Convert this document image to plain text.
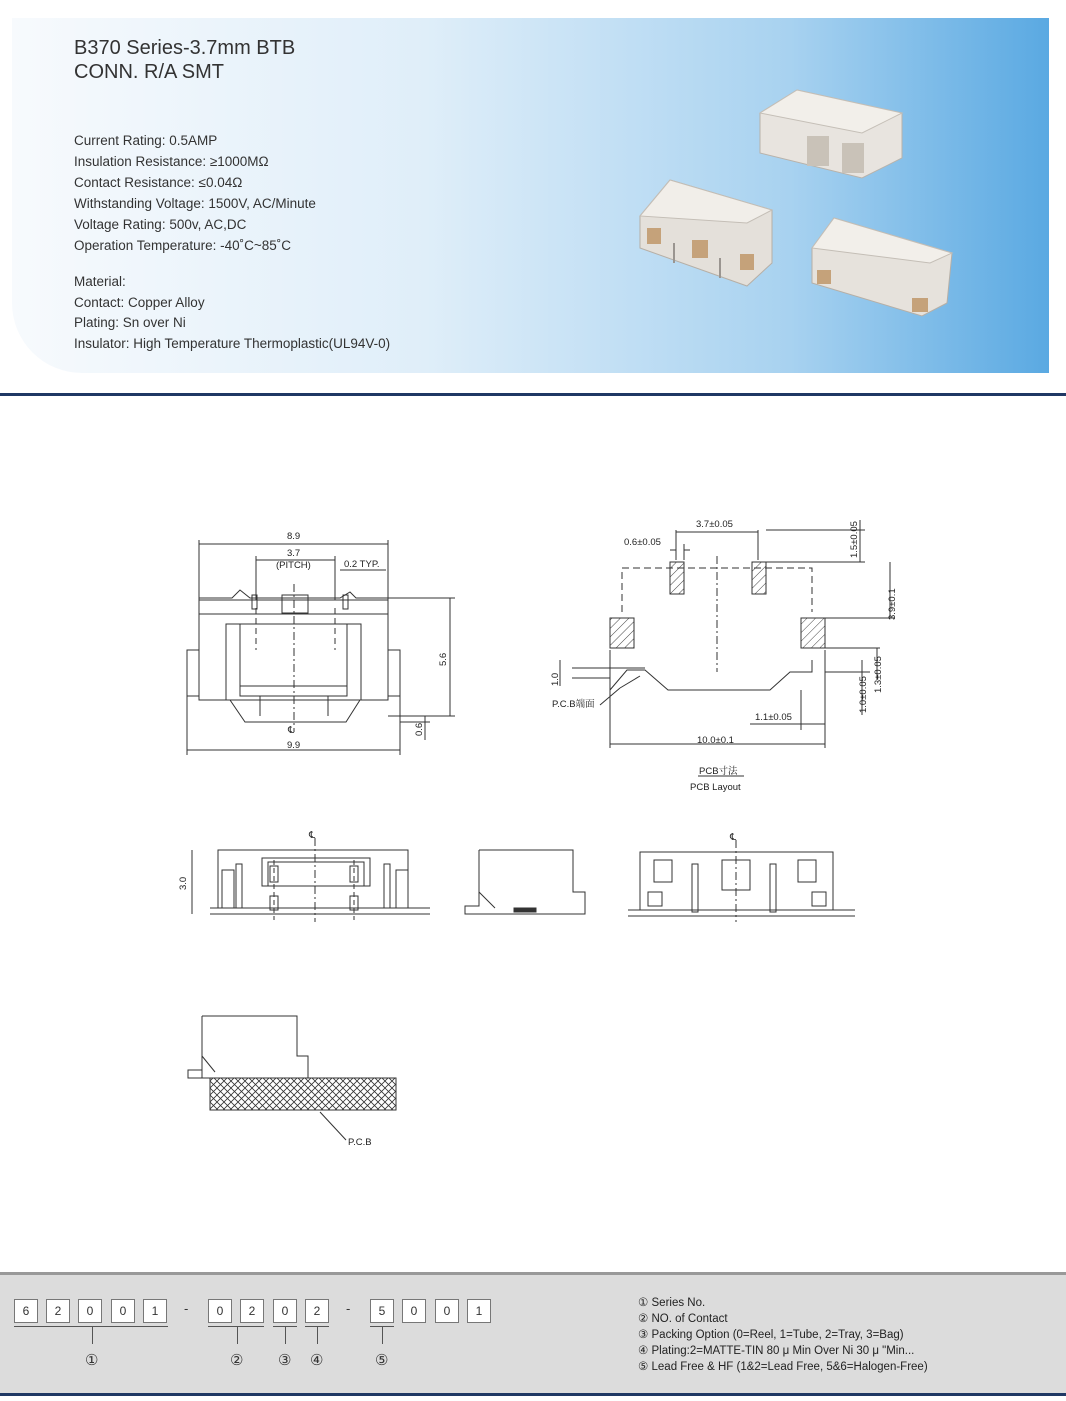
B370 Series-3.7mm BTB
CONN. R/A SMT
Current Rating: 0.5AMP
Insulation Resistance: ≥1000MΩ
Contact Resistance: ≤0.04Ω
Withstanding Voltage: 1500V, AC/Minute
Voltage Rating: 500v, AC,DC
Operation Temperature: -40˚C~85˚C
Material:
Contact: Copper Alloy
Plating: Sn over Ni
Insulator: High Temperature Thermoplastic(UL94V-0)
8.9
3.7
(PITCH)	0.2 TYP.
5.6
0.6
℄
9.9
3.7±0.05
0.6±0.05	1.5±0.05
3.9±0.1
1.3±0.05
1.0±0.05
1.0
P.C.B端面
1.1±0.05
10.0±0.1
PCB寸法
PCB Layout
3.0
℄	℄
P.C.B
6	2	0	0	1	-	0	2	0	2	-	5	0	0	1
①	② ③ ④	⑤
① Series No.
② NO. of Contact
③ Packing Option (0=Reel, 1=Tube, 2=Tray, 3=Bag)
④ Plating:2=MATTE-TIN 80 μ Min Over Ni 30 μ "Min...
⑤ Lead Free & HF (1&2=Lead Free, 5&6=Halogen-Free)
